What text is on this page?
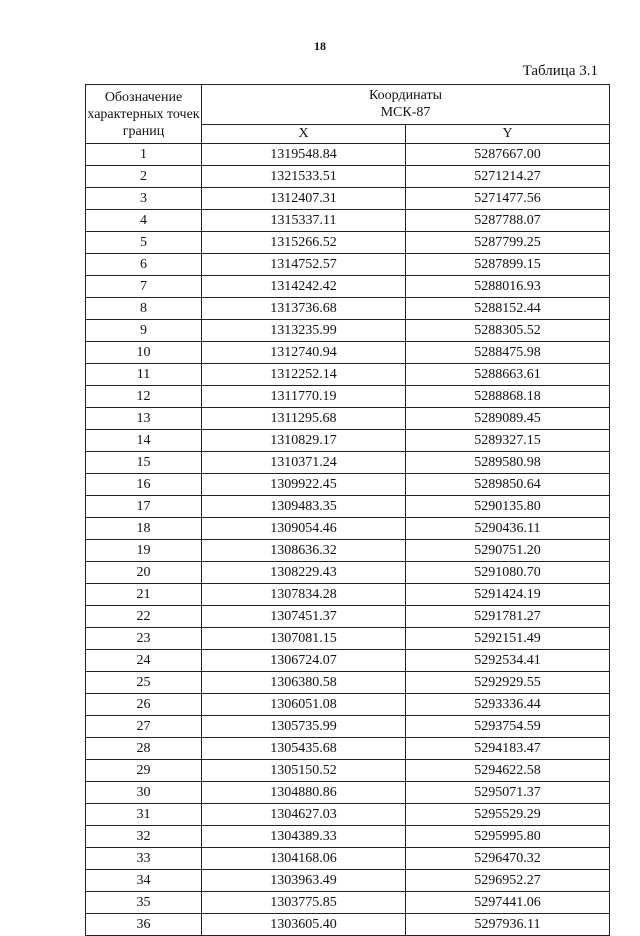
18
Таблица 3.1
Обозначение
характерных точек
границ	Координаты
МСК-87	

	X	Y
1	1319548.84	5287667.00
2	1321533.51	5271214.27
3	1312407.31	5271477.56
4	1315337.11	5287788.07
5	1315266.52	5287799.25
6	1314752.57	5287899.15
7	1314242.42	5288016.93
8	1313736.68	5288152.44
9	1313235.99	5288305.52
10	1312740.94	5288475.98
11	1312252.14	5288663.61
12	1311770.19	5288868.18
13	1311295.68	5289089.45
14	1310829.17	5289327.15
15	1310371.24	5289580.98
16	1309922.45	5289850.64
17	1309483.35	5290135.80
18	1309054.46	5290436.11
19	1308636.32	5290751.20
20	1308229.43	5291080.70
21	1307834.28	5291424.19
22	1307451.37	5291781.27
23	1307081.15	5292151.49
24	1306724.07	5292534.41
25	1306380.58	5292929.55
26	1306051.08	5293336.44
27	1305735.99	5293754.59
28	1305435.68	5294183.47
29	1305150.52	5294622.58
30	1304880.86	5295071.37
31	1304627.03	5295529.29
32	1304389.33	5295995.80
33	1304168.06	5296470.32
34	1303963.49	5296952.27
35	1303775.85	5297441.06
36	1303605.40	5297936.11
